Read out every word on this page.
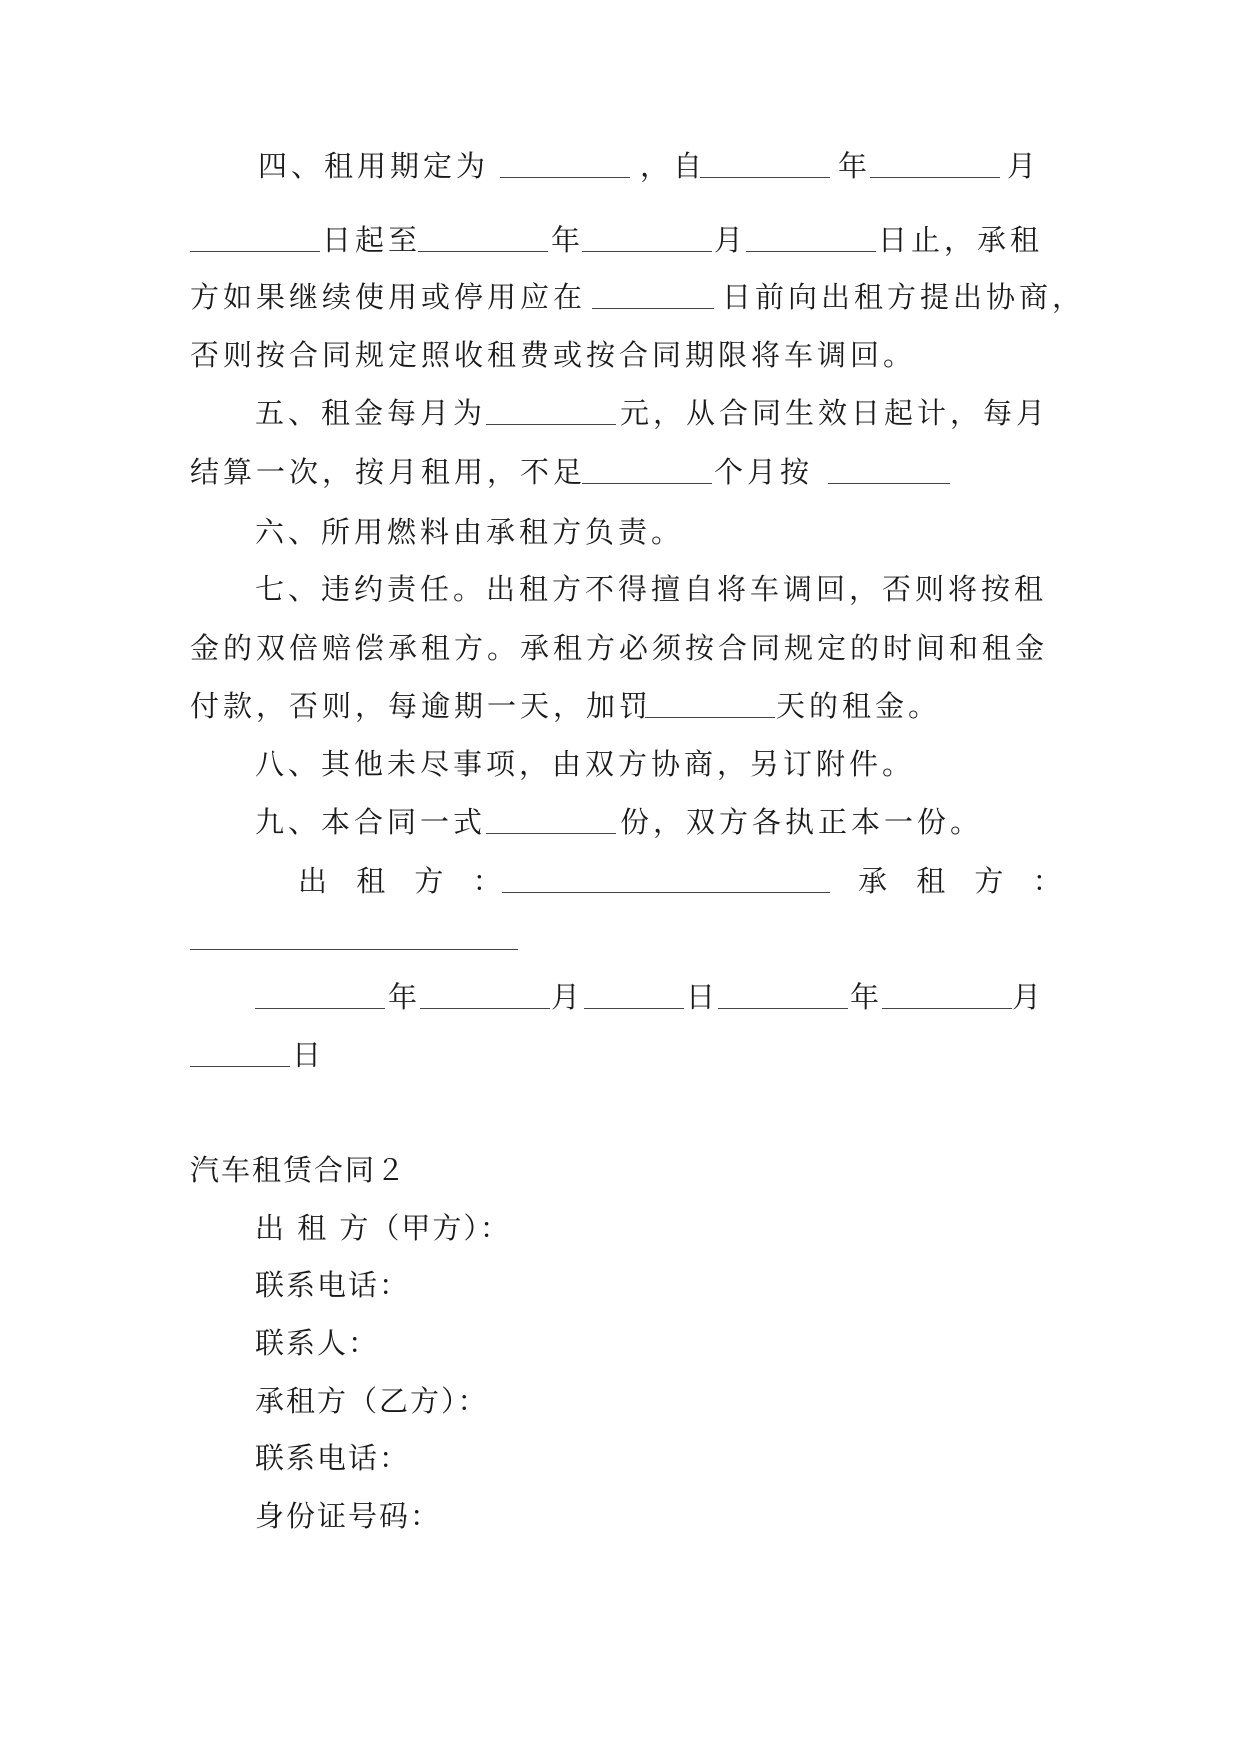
四、租用期定为

	，自

	年

	月

日起至

	年

	月

	日止，承租

方如果继续使用或停用应在

	日前向出租方提出协商，

否则按合同规定照收租费或按合同期限将车调回。

五、租金每月为

	元，从合同生效日起计，每月

结算一次，按月租用，不足

	个月按

六、所用燃料由承租方负责。
七、违约责任。出租方不得擅自将车调回，否则将按租
金的双倍赔偿承租方。承租方必须按合同规定的时间和租金

付款，否则，每逾期一天，加罚

	天的租金。

八、其他未尽事项，由双方协商，另订附件。

九、本合同一式

	份，双方各执正本一份。

出 租 方 ：

	承 租 方 ：

年

	月

	日

	年

	月

日

汽车租赁合同２
出 租 方（甲方）：
联系电话：
联系人：
承租方（乙方）：
联系电话：
身份证号码：
